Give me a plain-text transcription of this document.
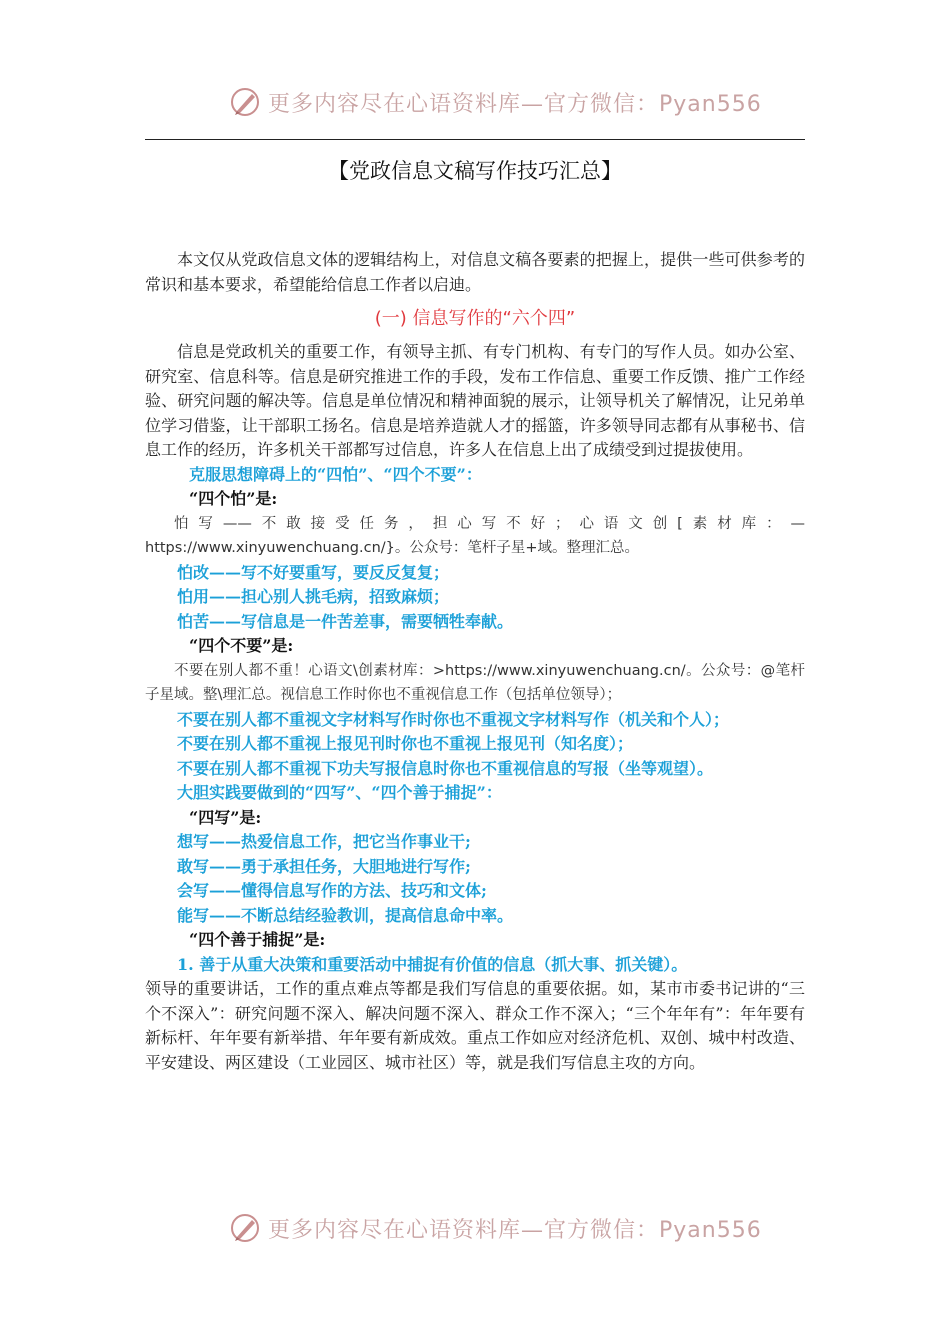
更多内容尽在心语资料库—官方微信：Pyan556
【党政信息文稿写作技巧汇总】

本文仅从党政信息文体的逻辑结构上，对信息文稿各要素的把握上，提供一些可供参考的常识和基本要求，希望能给信息工作者以启迪。

(一) 信息写作的“六个四”

信息是党政机关的重要工作，有领导主抓、有专门机构、有专门的写作人员。如办公室、研究室、信息科等。信息是研究推进工作的手段，发布工作信息、重要工作反馈、推广工作经验、研究问题的解决等。信息是单位情况和精神面貌的展示，让领导机关了解情况，让兄弟单位学习借鉴，让干部职工扬名。信息是培养造就人才的摇篮，许多领导同志都有从事秘书、信息工作的经历，许多机关干部都写过信息，许多人在信息上出了成绩受到过提拔使用。

克服思想障碍上的“四怕”、“四个不要”：

“四个怕”是:

怕写——不敢接受任务，担心写不好；心语文创[素材库：—https://www.xinyuwenchuang.cn/}。公众号：笔杆子星+域。整理汇总。

怕改——写不好要重写，要反反复复；

怕用——担心别人挑毛病，招致麻烦；

怕苦——写信息是一件苦差事，需要牺牲奉献。

“四个不要”是:

不要在别人都不重！心语文\创素材库：>https://www.xinyuwenchuang.cn/。公众号：@笔杆子星域。整\理汇总。视信息工作时你也不重视信息工作（包括单位领导）；

不要在别人都不重视文字材料写作时你也不重视文字材料写作（机关和个人）；

不要在别人都不重视上报见刊时你也不重视上报见刊（知名度）；

不要在别人都不重视下功夫写报信息时你也不重视信息的写报（坐等观望）。

大胆实践要做到的“四写”、“四个善于捕捉”：

“四写”是:

想写——热爱信息工作，把它当作事业干;

敢写——勇于承担任务，大胆地进行写作;

会写——懂得信息写作的方法、技巧和文体;

能写——不断总结经验教训，提高信息命中率。

“四个善于捕捉”是:

1. 善于从重大决策和重要活动中捕捉有价值的信息（抓大事、抓关键）。

领导的重要讲话，工作的重点难点等都是我们写信息的重要依据。如，某市市委书记讲的“三个不深入”：研究问题不深入、解决问题不深入、群众工作不深入；“三个年年有”：年年要有新标杆、年年要有新举措、年年要有新成效。重点工作如应对经济危机、双创、城中村改造、平安建设、两区建设（工业园区、城市社区）等，就是我们写信息主攻的方向。

更多内容尽在心语资料库—官方微信：Pyan556
